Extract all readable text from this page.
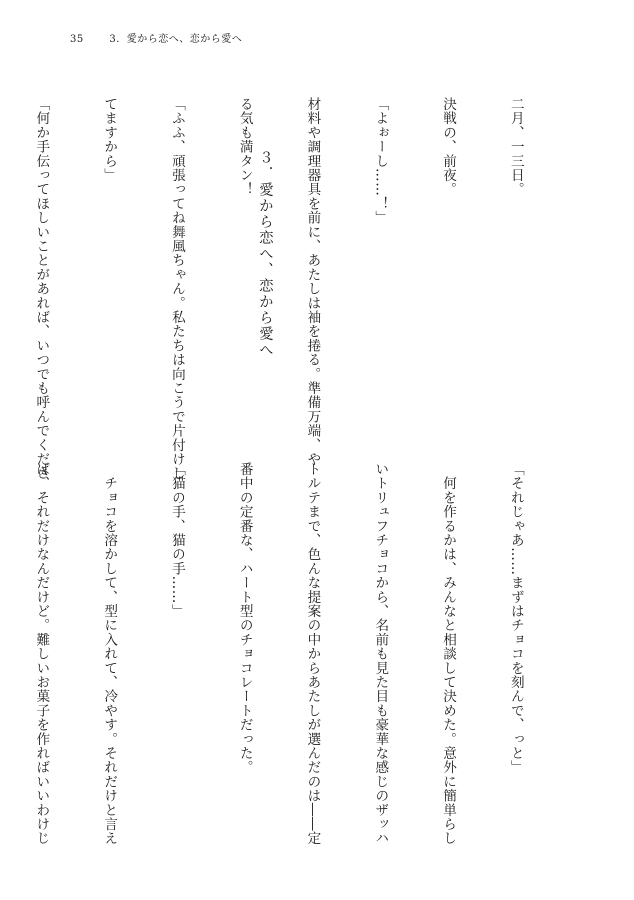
35	3．愛から恋へ、恋から愛へ

二月、一三日。

決戦の、前夜。

「よぉーし……！」

材料や調理器具を前に、あたしは袖を捲る。準備万端、や

る気も満タン！

「ふふ、頑張ってね舞風ちゃん。私たちは向こうで片付けし

てますから」

「何か手伝ってほしいことがあれば、いつでも呼んでくださ

	３．愛から恋へ、恋から愛へ

「それじゃあ……まずはチョコを刻んで、っと」

　何を作るかは、みんなと相談して決めた。意外に簡単らし

いトリュフチョコから、名前も見た目も豪華な感じのザッハ

トルテまで、色んな提案の中からあたしが選んだのは――定

番中の定番な、ハート型のチョコレートだった。

「猫の手、猫の手……」

　チョコを溶かして、型に入れて、冷やす。それだけと言え

ば、それだけなんだけど。難しいお菓子を作ればいいわけじ
